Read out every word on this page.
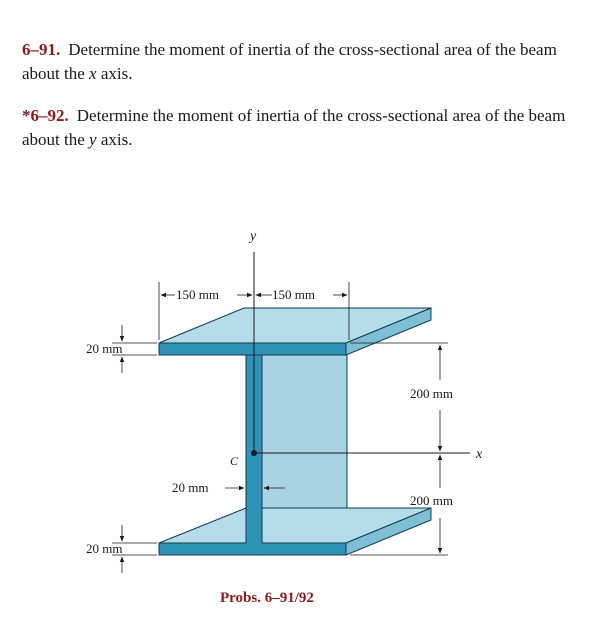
6–91. Determine the moment of inertia of the cross-sectional area of the beam about the x axis.
*6–92. Determine the moment of inertia of the cross-sectional area of the beam about the y axis.
y
x
C
150 mm	150 mm
20 mm
20 mm
200 mm
200 mm
20 mm
Probs. 6–91/92
